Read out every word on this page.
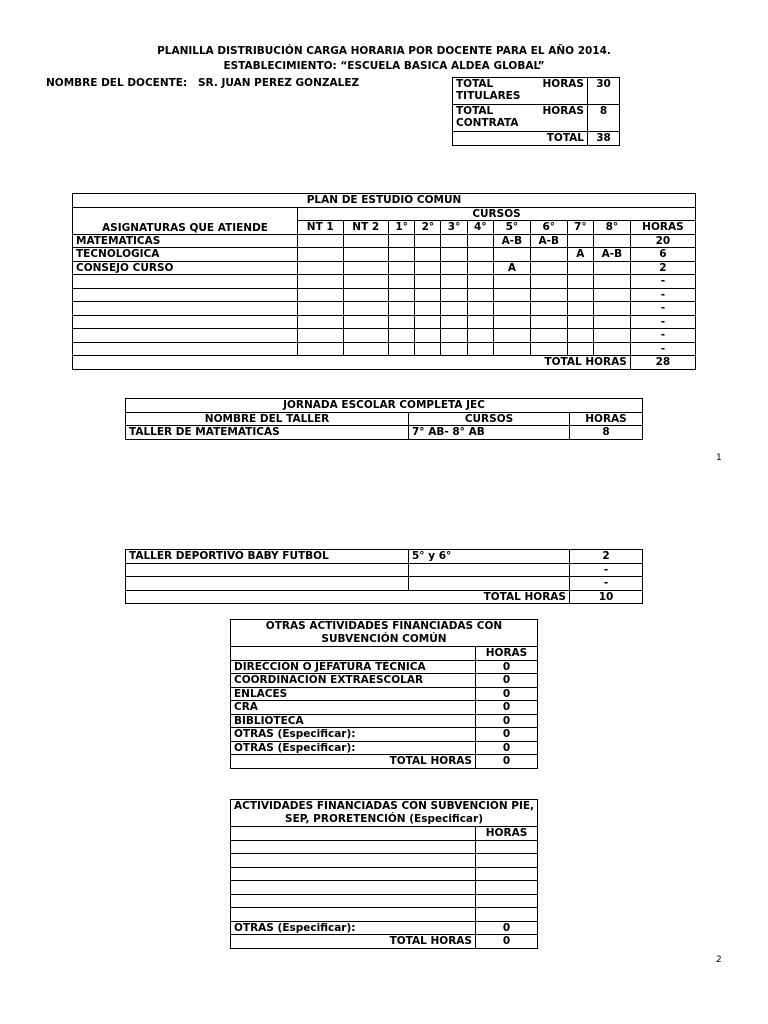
PLANILLA DISTRIBUCIÓN CARGA HORARIA POR DOCENTE PARA EL AÑO 2014.
ESTABLECIMIENTO: “ESCUELA BASICA ALDEA GLOBAL”
NOMBRE DEL DOCENTE: SR. JUAN PEREZ GONZALEZ	TOTAL HORAS
TITULARES	30

TOTAL HORAS
CONTRATA	8
TOTAL	38
PLAN DE ESTUDIO COMUN											
ASIGNATURAS QUE ATIENDE	CURSOS										
	NT 1	NT 2	1°	2°	3°	4°	5°	6°	7°	8°	HORAS
MATEMATICAS							A-B	A-B			20
TECNOLOGICA									A	A-B	6
CONSEJO CURSO							A				2
											-
											-
											-
											-
											-
											-
TOTAL HORAS											28
JORNADA ESCOLAR COMPLETA JEC		
NOMBRE DEL TALLER	CURSOS	HORAS
TALLER DE MATEMÁTICAS	7° AB- 8° AB	8
1
TALLER DEPORTIVO BABY FUTBOL	5° y 6°	2
		-
		-
TOTAL HORAS		10
OTRAS ACTIVIDADES FINANCIADAS CON
SUBVENCIÓN COMÚN	

	HORAS
DIRECCIÓN O JEFATURA TÉCNICA	0
COORDINACIÓN EXTRAESCOLAR	0
ENLACES	0
CRA	0
BIBLIOTECA	0
OTRAS (Especificar):	0
OTRAS (Especificar):	0
TOTAL HORAS	0
ACTIVIDADES FINANCIADAS CON SUBVENCIÓN PIE,
SEP, PRORETENCIÓN (Especificar)	

	HORAS

OTRAS (Especificar):	0
TOTAL HORAS	0
2
